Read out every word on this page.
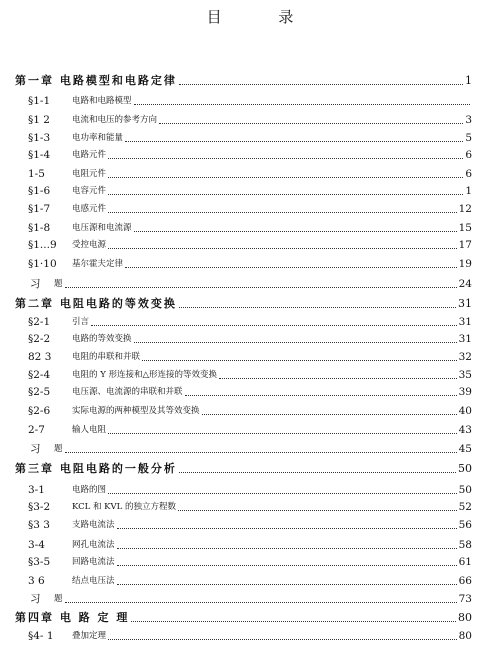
目 录
第一章 电路模型和电路定律	1
§1-1	电路和电路模型
§1 2	电流和电压的参考方向	3
§1-3	电功率和能量	5
§1-4	电路元件	6
1-5	电阻元件	6
§1-6	电容元件	1
§1-7	电感元件	12
§1-8	电压源和电流源	15
§1...9 受控电源	17
§1·10 基尔霍夫定律	19
习 题	24
第二章 电阻电路的等效变换	31
§2-1	引言	31
§2-2	电路的等效变换	31
82 3 电阻的串联和并联	32
§2-4	电阻的 Y 形连接和△形连接的等效变换	35
§2-5	电压源、电流源的串联和并联	39
§2-6	实际电源的两种模型及其等效变换	40
2-7	输人电阻	43
习 题	45
第三章 电阻电路的一般分析	50
3-1	电路的图	50
§3-2	KCL 和 KVL 的独立方程数	52
§3 3	支路电流法	56
3-4	网孔电流法	58
§3-5	回路电流法	61
3 6	结点电压法	66
习 题	73
第四章 电 路 定 理	80
§4- 1 叠加定理	80
